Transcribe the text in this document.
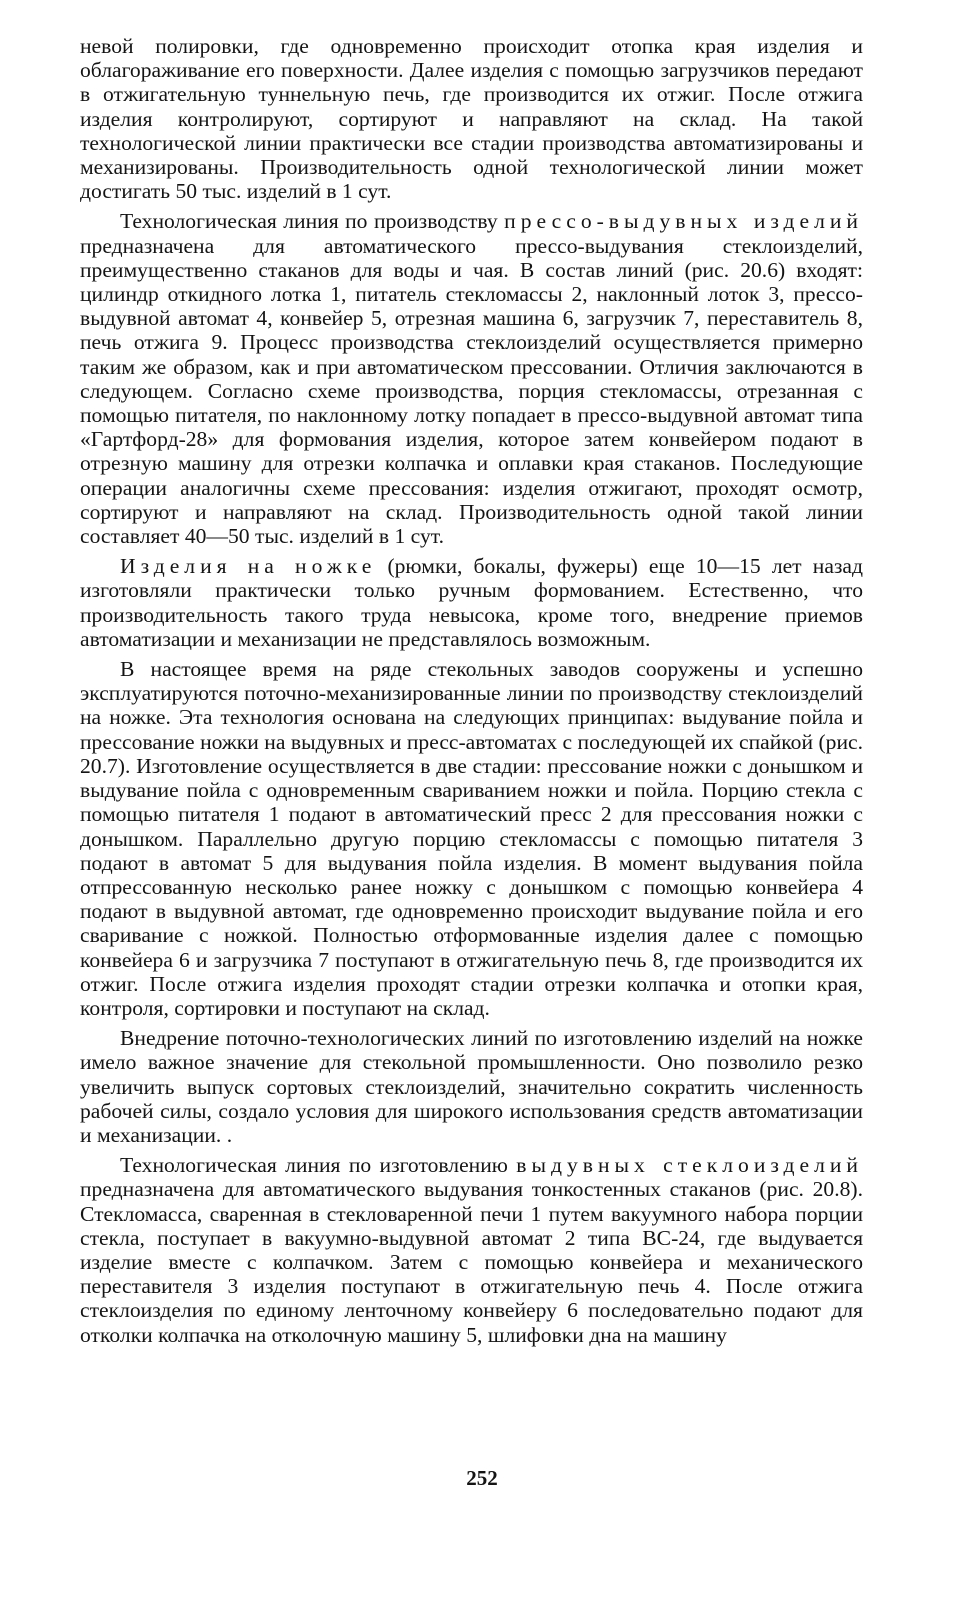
невой полировки, где одновременно происходит отопка края изделия и облагораживание его поверхности. Далее изделия с помощью загрузчиков передают в отжигательную туннельную печь, где производится их отжиг. После отжига изделия контролируют, сортируют и направляют на склад. На такой технологической линии практически все стадии производства автоматизированы и механизированы. Производительность одной технологической линии может достигать 50 тыс. изделий в 1 сут.

Технологическая линия по производству прессо-выдувных изделий предназначена для автоматического прессо-выдувания стеклоизделий, преимущественно стаканов для воды и чая. В состав линий (рис. 20.6) входят: цилиндр откидного лотка 1, питатель стекломассы 2, наклонный лоток 3, прессо-выдувной автомат 4, конвейер 5, отрезная машина 6, загрузчик 7, переставитель 8, печь отжига 9. Процесс производства стеклоизделий осуществляется примерно таким же образом, как и при автоматическом прессовании. Отличия заключаются в следующем. Согласно схеме производства, порция стекломассы, отрезанная с помощью питателя, по наклонному лотку попадает в прессо-выдувной автомат типа «Гартфорд-28» для формования изделия, которое затем конвейером подают в отрезную машину для отрезки колпачка и оплавки края стаканов. Последующие операции аналогичны схеме прессования: изделия отжигают, проходят осмотр, сортируют и направляют на склад. Производительность одной такой линии составляет 40—50 тыс. изделий в 1 сут.

Изделия на ножке (рюмки, бокалы, фужеры) еще 10—15 лет назад изготовляли практически только ручным формованием. Естественно, что производительность такого труда невысока, кроме того, внедрение приемов автоматизации и механизации не представлялось возможным.

В настоящее время на ряде стекольных заводов сооружены и успешно эксплуатируются поточно-механизированные линии по производству стеклоизделий на ножке. Эта технология основана на следующих принципах: выдувание пойла и прессование ножки на выдувных и пресс-автоматах с последующей их спайкой (рис. 20.7). Изготовление осуществляется в две стадии: прессование ножки с донышком и выдувание пойла с одновременным свариванием ножки и пойла. Порцию стекла с помощью питателя 1 подают в автоматический пресс 2 для прессования ножки с донышком. Параллельно другую порцию стекломассы с помощью питателя 3 подают в автомат 5 для выдувания пойла изделия. В момент выдувания пойла отпрессованную несколько ранее ножку с донышком с помощью конвейера 4 подают в выдувной автомат, где одновременно происходит выдувание пойла и его сваривание с ножкой. Полностью отформованные изделия далее с помощью конвейера 6 и загрузчика 7 поступают в отжигательную печь 8, где производится их отжиг. После отжига изделия проходят стадии отрезки колпачка и отопки края, контроля, сортировки и поступают на склад.

Внедрение поточно-технологических линий по изготовлению изделий на ножке имело важное значение для стекольной промышленности. Оно позволило резко увеличить выпуск сортовых стеклоизделий, значительно сократить численность рабочей силы, создало условия для широкого использования средств автоматизации и механизации. .

Технологическая линия по изготовлению выдувных стеклоизделий предназначена для автоматического выдувания тонкостенных стаканов (рис. 20.8). Стекломасса, сваренная в стекловаренной печи 1 путем вакуумного набора порции стекла, поступает в вакуумно-выдувной автомат 2 типа ВС-24, где выдувается изделие вместе с колпачком. Затем с помощью конвейера и механического переставителя 3 изделия поступают в отжигательную печь 4. После отжига стеклоизделия по единому ленточному конвейеру 6 последовательно подают для отколки колпачка на отколочную машину 5, шлифовки дна на машину

252
